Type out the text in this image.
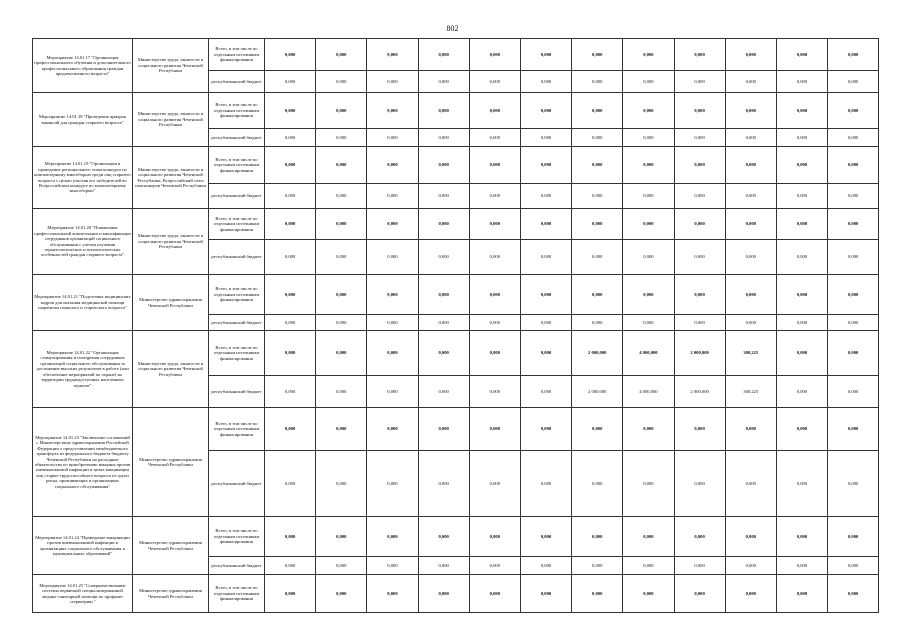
802
Мероприятие 14.01.17 "Организация профессионального обучения и дополнительного профессионального образования граждан предпенсионного возраста"	Министерство труда, занятости и социального развития Чеченской Республики	Всего, в том числе по отдельным источникам финансирования	0,000	0,000	0,000	0,000	0,000	0,000	0,000	0,000	0,000	0,000	0,000	0,000
		республиканский бюджет	0,000	0,000	0,000	0,000	0,000	0,000	0,000	0,000	0,000	0,000	0,000	0,000
Мероприятие 14.01.18 "Проведение ярмарок вакансий для граждан старшего возраста"	Министерство труда, занятости и социального развития Чеченской Республики	Всего, в том числе по отдельным источникам финансирования	0,000	0,000	0,000	0,000	0,000	0,000	0,000	0,000	0,000	0,000	0,000	0,000
		республиканский бюджет	0,000	0,000	0,000	0,000	0,000	0,000	0,000	0,000	0,000	0,000	0,000	0,000
Мероприятие 14.01.19 "Организация и проведение регионального этапа конкурса по компьютерному многоборью среди лиц старшего возраста с целью участия его победителей во Всероссийском конкурсе по компьютерному многоборью"	Министерство труда, занятости и социального развития Чеченской Республики, Всероссийский союз пенсионеров Чеченской Республики	Всего, в том числе по отдельным источникам финансирования	0,000	0,000	0,000	0,000	0,000	0,000	0,000	0,000	0,000	0,000	0,000	0,000
		республиканский бюджет	0,000	0,000	0,000	0,000	0,000	0,000	0,000	0,000	0,000	0,000	0,000	0,000
Мероприятие 14.01.20 "Повышение профессиональной компетенции и квалификации сотрудников организаций социального обслуживания с учетом изучения геронтологических и психологических особенностей граждан старшего возраста"	Министерство труда, занятости и социального развития Чеченской Республики	Всего, в том числе по отдельным источникам финансирования	0,000	0,000	0,000	0,000	0,000	0,000	0,000	0,000	0,000	0,000	0,000	0,000
		республиканский бюджет	0,000	0,000	0,000	0,000	0,000	0,000	0,000	0,000	0,000	0,000	0,000	0,000
Мероприятие 14.01.21 "Подготовка медицинских кадров для оказания медицинской помощи пациентам пожилого и старческого возраста"	Министерство здравоохранения Чеченской Республики	Всего, в том числе по отдельным источникам финансирования	0,000	0,000	0,000	0,000	0,000	0,000	0,000	0,000	0,000	0,000	0,000	0,000
		республиканский бюджет	0,000	0,000	0,000	0,000	0,000	0,000	0,000	0,000	0,000	0,000	0,000	0,000
Мероприятие 14.01.22 "Организация стимулирования и поощрения сотрудников организаций социального обслуживания за достижение высоких результатов в работе (или обеспечение мероприятий по охране) на территории труднодоступных населенных пунктов"	Министерство труда, занятости и социального развития Чеченской Республики	Всего, в том числе по отдельным источникам финансирования	0,000	0,000	0,000	0,000	0,000	0,000	2 000,000	4 000,000	2 000,000	300,225	0,000	0,000
		республиканский бюджет	0,000	0,000	0,000	0,000	0,000	0,000	2 000,000	4 000,000	2 000,000	300,225	0,000	0,000
Мероприятие 14.01.23 "Заключение соглашений с Министерством здравоохранения Российской Федерации о предоставлении межбюджетного трансферта из федерального бюджета бюджету Чеченской Республики на расходные обязательства по приобретению вакцины против пневмококковой инфекции и целях вакцинации лиц старше трудоспособного возраста из групп риска, проживающих в организациях социального обслуживания"	Министерство здравоохранения Чеченской Республики	Всего, в том числе по отдельным источникам финансирования	0,000	0,000	0,000	0,000	0,000	0,000	0,000	0,000	0,000	0,000	0,000	0,000
		республиканский бюджет	0,000	0,000	0,000	0,000	0,000	0,000	0,000	0,000	0,000	0,000	0,000	0,000
Мероприятие 14.01.24 "Проведение вакцинации против пневмококковой инфекции в организациях социального обслуживания и муниципальных образований"	Министерство здравоохранения Чеченской Республики	Всего, в том числе по отдельным источникам финансирования	0,000	0,000	0,000	0,000	0,000	0,000	0,000	0,000	0,000	0,000	0,000	0,000
		республиканский бюджет	0,000	0,000	0,000	0,000	0,000	0,000	0,000	0,000	0,000	0,000	0,000	0,000
Мероприятие 14.01.25 "Совершенствование системы первичной специализированной медико-санитарной помощи по профилю «гериатрия»"	Министерство здравоохранения Чеченской Республики	Всего, в том числе по отдельным источникам финансирования	0,000	0,000	0,000	0,000	0,000	0,000	0,000	0,000	0,000	0,000	0,000	0,000
